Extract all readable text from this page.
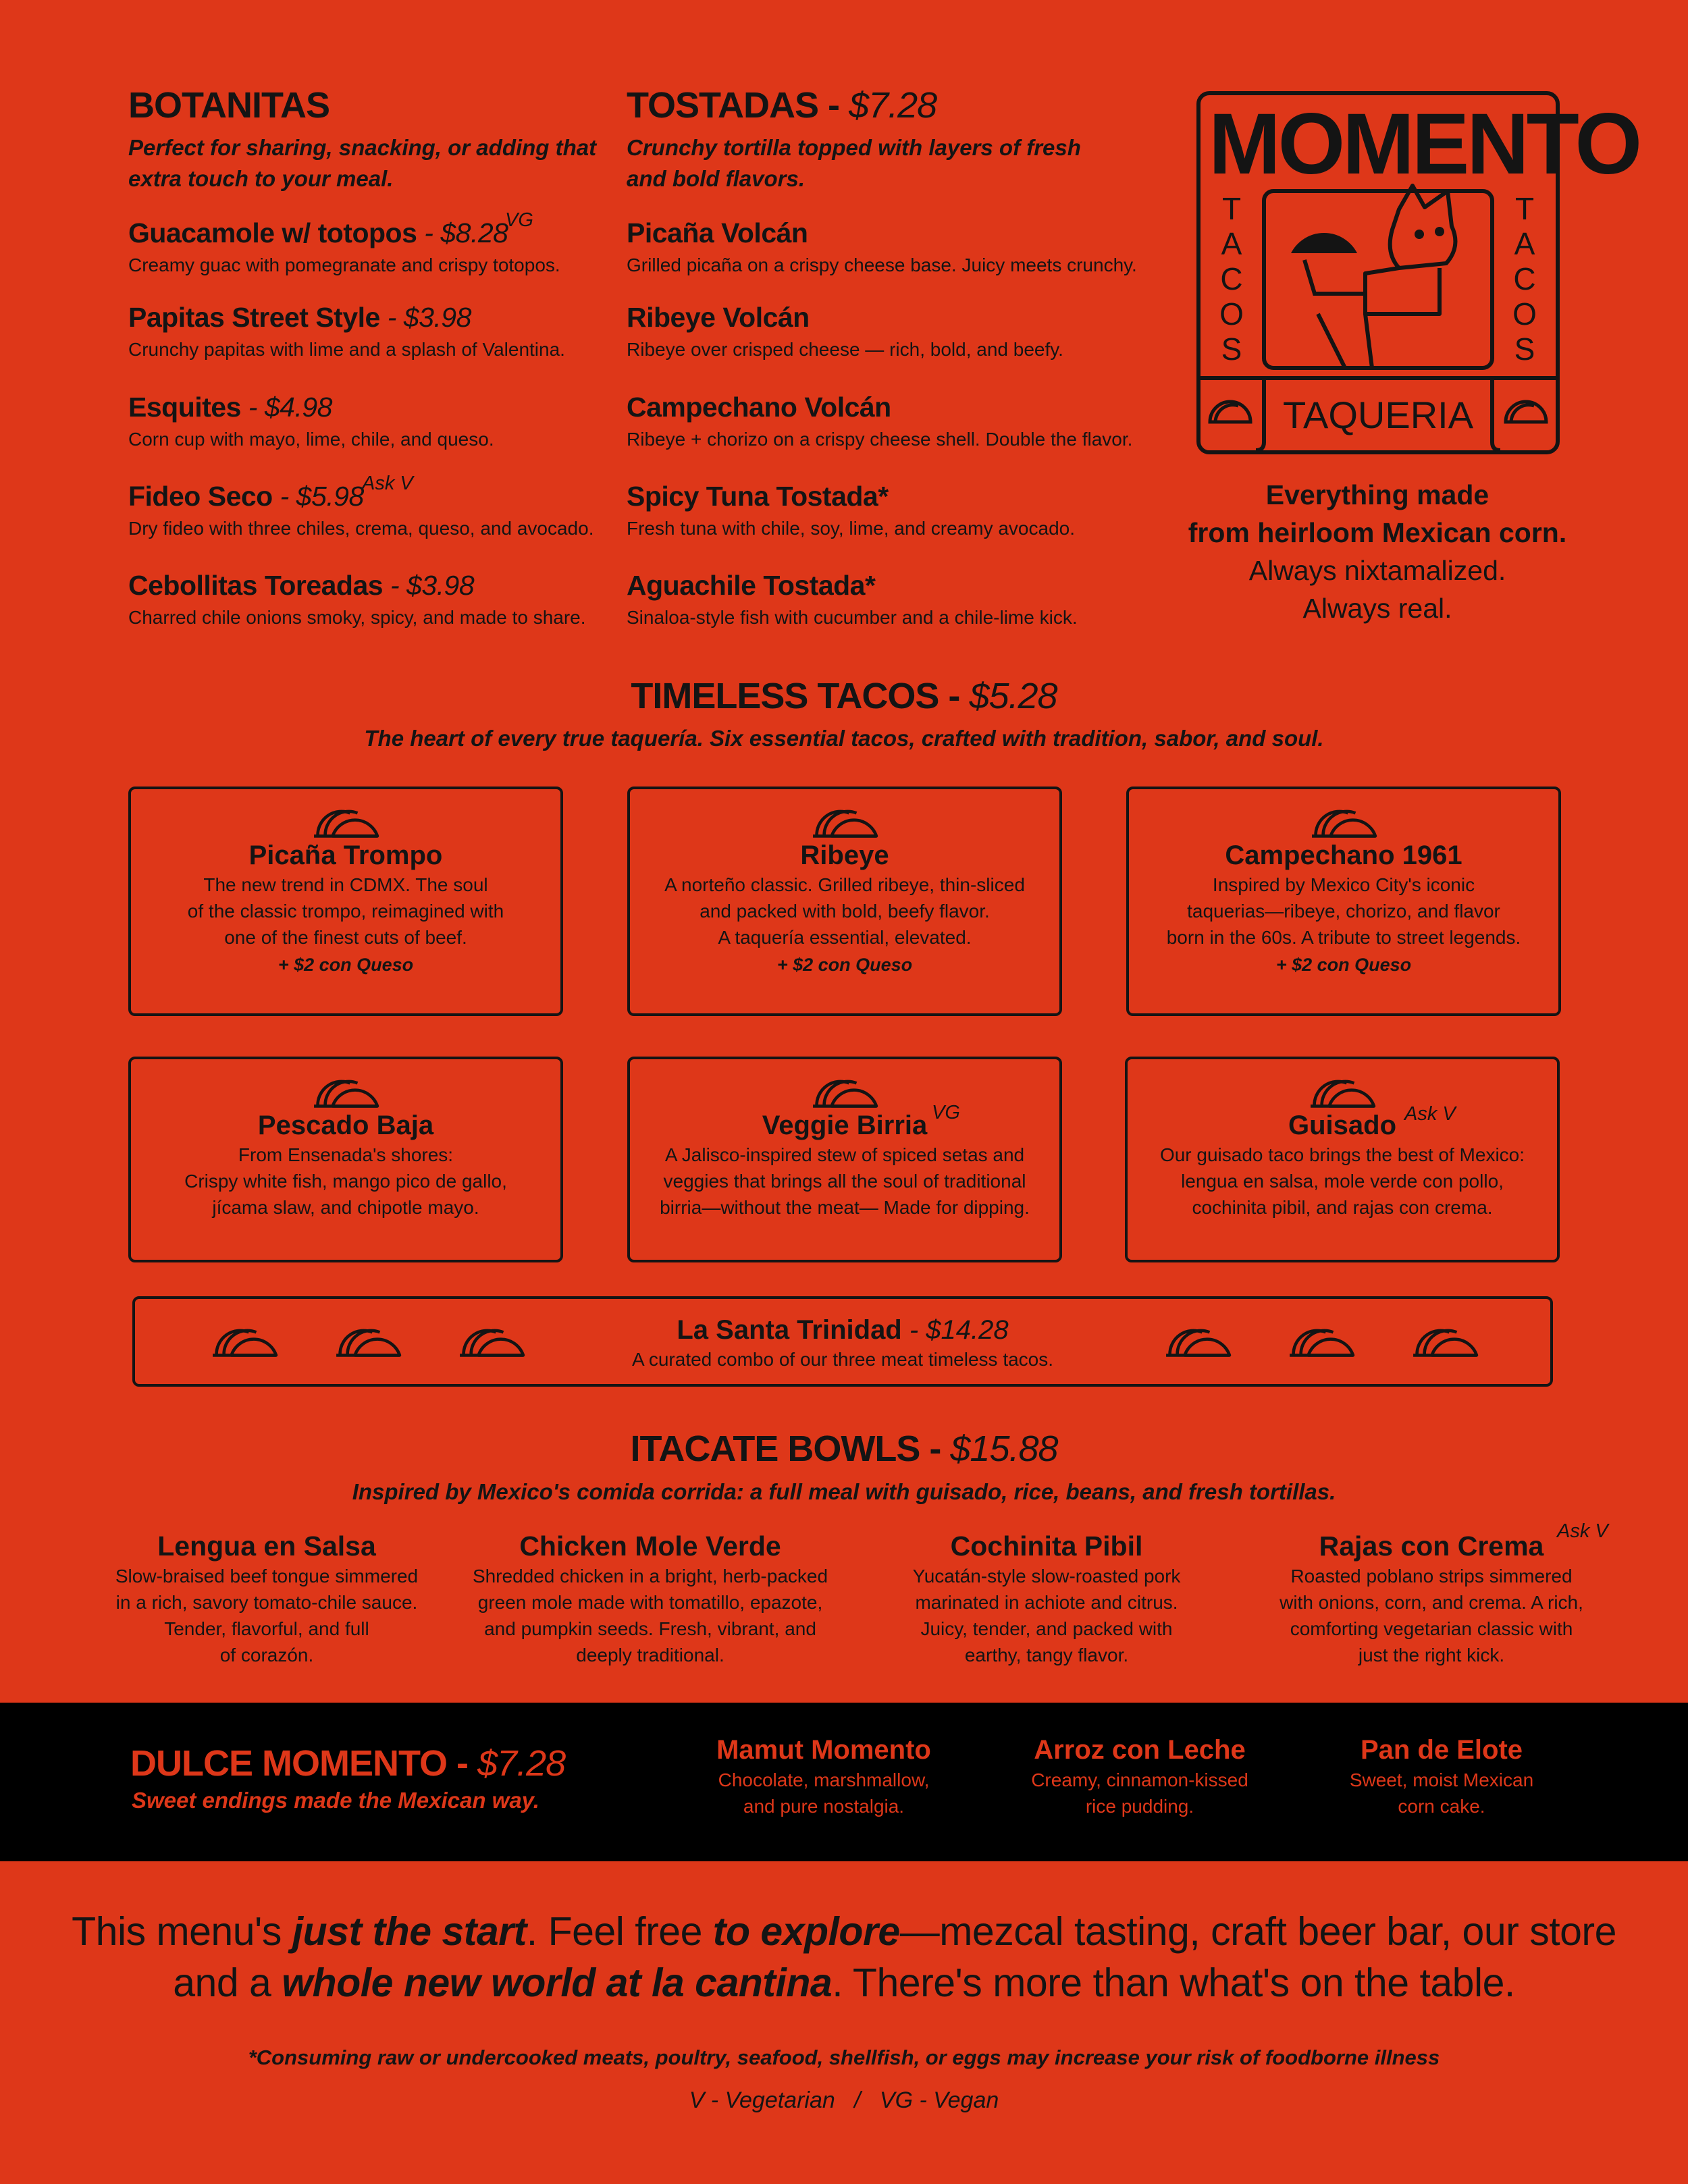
BOTANITAS
Perfect for sharing, snacking, or adding that
extra touch to your meal.
Guacamole w/ totopos - $8.28
Creamy guac with pomegranate and crispy totopos.
VG
Papitas Street Style - $3.98
Crunchy papitas with lime and a splash of Valentina.
Esquites - $4.98
Corn cup with mayo, lime, chile, and queso.
Fideo Seco - $5.98
Dry fideo with three chiles, crema, queso, and avocado.
Ask V
Cebollitas Toreadas - $3.98
Charred chile onions smoky, spicy, and made to share.
TOSTADAS - $7.28
Crunchy tortilla topped with layers of fresh
and bold flavors.
Picaña Volcán
Grilled picaña on a crispy cheese base. Juicy meets crunchy.
Ribeye Volcán
Ribeye over crisped cheese — rich, bold, and beefy.
Campechano Volcán
Ribeye + chorizo on a crispy cheese shell. Double the flavor.
Spicy Tuna Tostada*
Fresh tuna with chile, soy, lime, and creamy avocado.
Aguachile Tostada*
Sinaloa-style fish with cucumber and a chile-lime kick.
MOMENTO
TACOS
TACOS
TAQUERIA
Everything made
from heirloom Mexican corn.
Always nixtamalized.
Always real.
TIMELESS TACOS - $5.28
The heart of every true taquería. Six essential tacos, crafted with tradition, sabor, and soul.
Picaña Trompo
The new trend in CDMX. The soul
of the classic trompo, reimagined with
one of the finest cuts of beef.
+ $2 con Queso
Ribeye
A norteño classic. Grilled ribeye, thin-sliced
and packed with bold, beefy flavor.
A taquería essential, elevated.
+ $2 con Queso
Campechano 1961
Inspired by Mexico City's iconic
taquerias—ribeye, chorizo, and flavor
born in the 60s. A tribute to street legends.
+ $2 con Queso
Pescado Baja
From Ensenada's shores:
Crispy white fish, mango pico de gallo,
jícama slaw, and chipotle mayo.
Veggie Birria
A Jalisco-inspired stew of spiced setas and
veggies that brings all the soul of traditional
birria—without the meat— Made for dipping.
VG	Guisado
Our guisado taco brings the best of Mexico:
lengua en salsa, mole verde con pollo,
cochinita pibil, and rajas con crema.
Ask V
La Santa Trinidad - $14.28
A curated combo of our three meat timeless tacos.
ITACATE BOWLS - $15.88
Inspired by Mexico's comida corrida: a full meal with guisado, rice, beans, and fresh tortillas.
Lengua en Salsa
Slow-braised beef tongue simmered
in a rich, savory tomato-chile sauce.
Tender, flavorful, and full
of corazón.
Chicken Mole Verde
Shredded chicken in a bright, herb-packed
green mole made with tomatillo, epazote,
and pumpkin seeds. Fresh, vibrant, and
deeply traditional.
Cochinita Pibil
Yucatán-style slow-roasted pork
marinated in achiote and citrus.
Juicy, tender, and packed with
earthy, tangy flavor.
Rajas con Crema
Roasted poblano strips simmered
with onions, corn, and crema. A rich,
comforting vegetarian classic with
just the right kick.
Ask V
DULCE MOMENTO - $7.28
Sweet endings made the Mexican way.
Mamut Momento
Chocolate, marshmallow,
and pure nostalgia.
Arroz con Leche
Creamy, cinnamon-kissed
rice pudding.
Pan de Elote
Sweet, moist Mexican
corn cake.
This menu's just the start. Feel free to explore—mezcal tasting, craft beer bar, our store
and a whole new world at la cantina. There's more than what's on the table.
*Consuming raw or undercooked meats, poultry, seafood, shellfish, or eggs may increase your risk of foodborne illness
V - Vegetarian   /   VG - Vegan
